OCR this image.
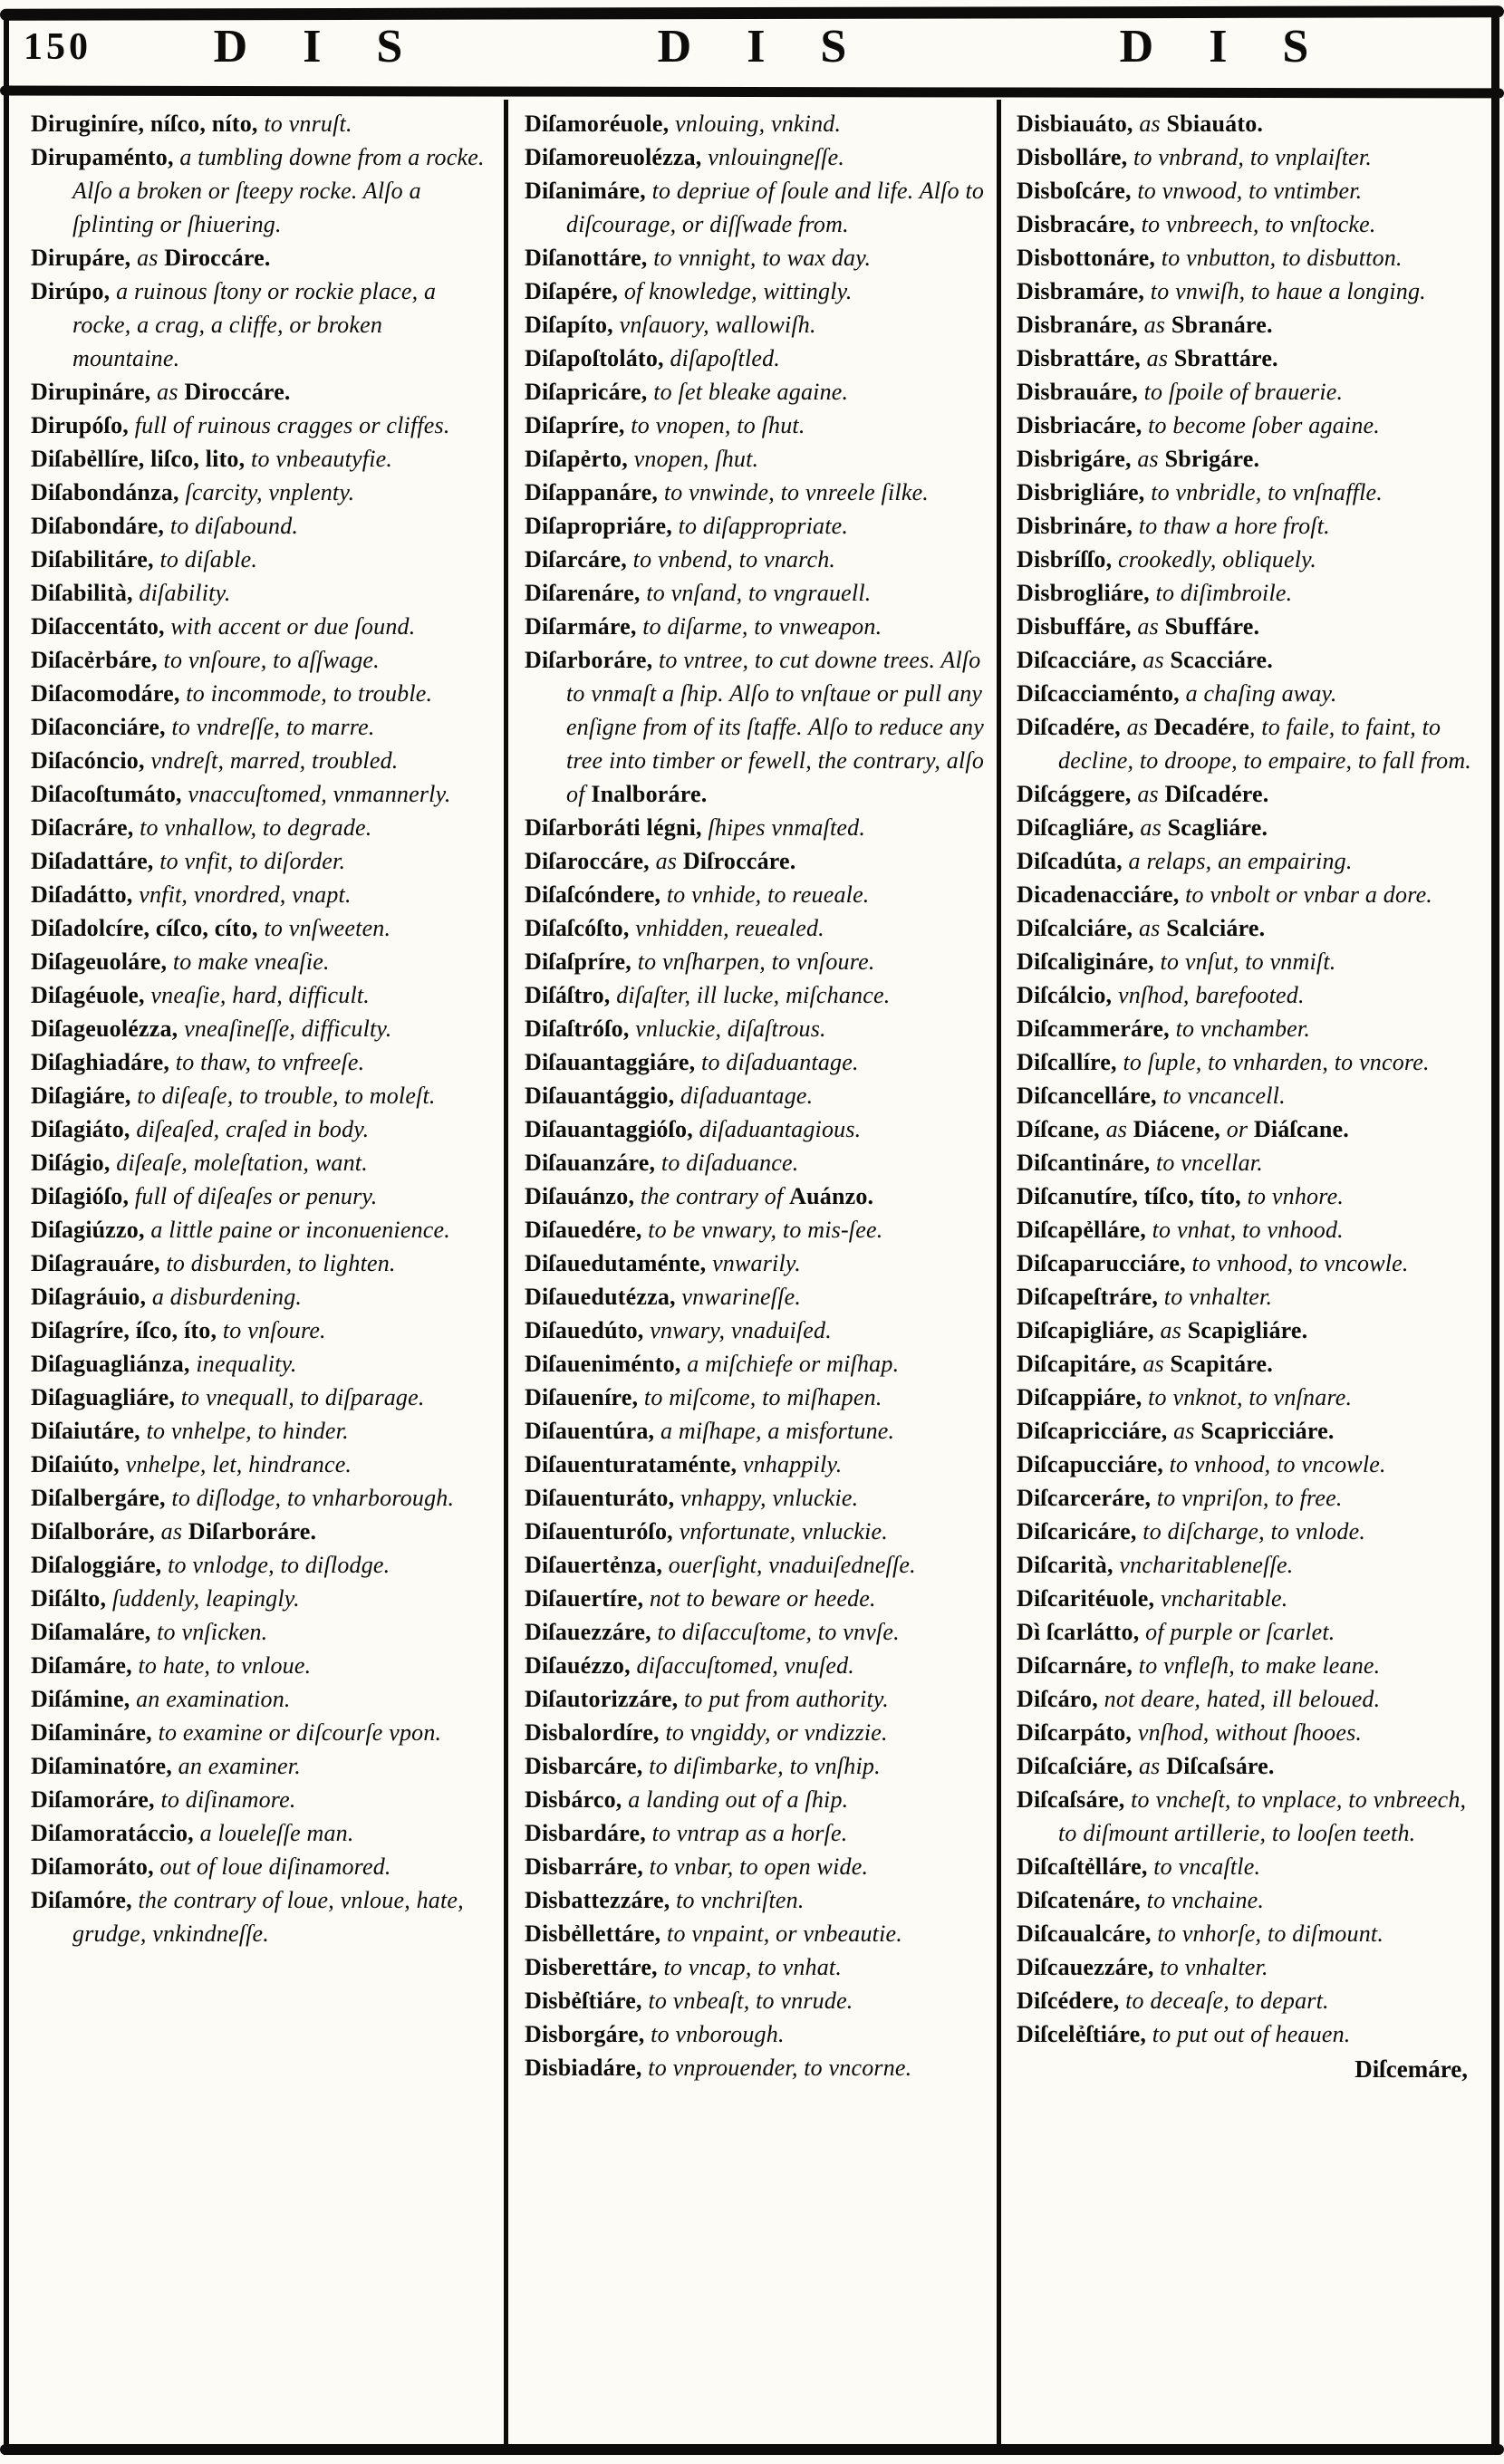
150	D I S	D I S	D I S
Diruginíre, níſco, níto, to vnruſt.
Dirupaménto, a tumbling downe from a rocke. Alſo a broken or ſteepy rocke. Alſo a ſplinting or ſhiuering.
Dirupáre, as Diroccáre.
Dirúpo, a ruinous ſtony or rockie place, a rocke, a crag, a cliffe, or broken mountaine.
Dirupináre, as Diroccáre.
Dirupóſo, full of ruinous cragges or cliffes.
Diſabẻllíre, liſco, lito, to vnbeautyfie.
Diſabondánza, ſcarcity, vnplenty.
Diſabondáre, to diſabound.
Diſabilitáre, to diſable.
Diſabilità, diſability.
Diſaccentáto, with accent or due ſound.
Diſacẻrbáre, to vnſoure, to aſſwage.
Diſacomodáre, to incommode, to trouble.
Diſaconciáre, to vndreſſe, to marre.
Diſacóncio, vndreſt, marred, troubled.
Diſacoſtumáto, vnaccuſtomed, vnmannerly.
Diſacráre, to vnhallow, to degrade.
Diſadattáre, to vnfit, to diſorder.
Diſadátto, vnfit, vnordred, vnapt.
Diſadolcíre, cíſco, cíto, to vnſweeten.
Diſageuoláre, to make vneaſie.
Diſagéuole, vneaſie, hard, difficult.
Diſageuolézza, vneaſineſſe, difficulty.
Diſaghiadáre, to thaw, to vnfreeſe.
Diſagiáre, to diſeaſe, to trouble, to moleſt.
Diſagiáto, diſeaſed, craſed in body.
Diſágio, diſeaſe, moleſtation, want.
Diſagióſo, full of diſeaſes or penury.
Diſagiúzzo, a little paine or inconuenience.
Diſagrauáre, to disburden, to lighten.
Diſagráuio, a disburdening.
Diſagríre, íſco, íto, to vnſoure.
Diſaguagliánza, inequality.
Diſaguagliáre, to vnequall, to diſparage.
Diſaiutáre, to vnhelpe, to hinder.
Diſaiúto, vnhelpe, let, hindrance.
Diſalbergáre, to diſlodge, to vnharborough.
Diſalboráre, as Diſarboráre.
Diſaloggiáre, to vnlodge, to diſlodge.
Diſálto, ſuddenly, leapingly.
Diſamaláre, to vnſicken.
Diſamáre, to hate, to vnloue.
Diſámine, an examination.
Diſamináre, to examine or diſcourſe vpon.
Diſaminatóre, an examiner.
Diſamoráre, to diſinamore.
Diſamoratáccio, a loueleſſe man.
Diſamoráto, out of loue diſinamored.
Diſamóre, the contrary of loue, vnloue, hate, grudge, vnkindneſſe.
Diſamoréuole, vnlouing, vnkind.
Diſamoreuolézza, vnlouingneſſe.
Diſanimáre, to depriue of ſoule and life. Alſo to diſcourage, or diſſwade from.
Diſanottáre, to vnnight, to wax day.
Diſapére, of knowledge, wittingly.
Diſapíto, vnſauory, wallowiſh.
Diſapoſtoláto, diſapoſtled.
Diſapricáre, to ſet bleake againe.
Diſapríre, to vnopen, to ſhut.
Diſapẻrto, vnopen, ſhut.
Diſappanáre, to vnwinde, to vnreele ſilke.
Diſapropriáre, to diſappropriate.
Diſarcáre, to vnbend, to vnarch.
Diſarenáre, to vnſand, to vngrauell.
Diſarmáre, to diſarme, to vnweapon.
Diſarboráre, to vntree, to cut downe trees. Alſo to vnmaſt a ſhip. Alſo to vnſtaue or pull any enſigne from of its ſtaffe. Alſo to reduce any tree into timber or fewell, the contrary, alſo of Inalboráre.
Diſarboráti légni, ſhipes vnmaſted.
Diſaroccáre, as Diſroccáre.
Diſaſcóndere, to vnhide, to reueale.
Diſaſcóſto, vnhidden, reuealed.
Diſaſpríre, to vnſharpen, to vnſoure.
Diſáſtro, diſaſter, ill lucke, miſchance.
Diſaſtróſo, vnluckie, diſaſtrous.
Diſauantaggiáre, to diſaduantage.
Diſauantággio, diſaduantage.
Diſauantaggióſo, diſaduantagious.
Diſauanzáre, to diſaduance.
Diſauánzo, the contrary of Auánzo.
Diſauedére, to be vnwary, to mis-ſee.
Diſauedutaménte, vnwarily.
Diſauedutézza, vnwarineſſe.
Diſauedúto, vnwary, vnaduiſed.
Diſaueniménto, a miſchiefe or miſhap.
Diſaueníre, to miſcome, to miſhapen.
Diſauentúra, a miſhape, a misfortune.
Diſauenturataménte, vnhappily.
Diſauenturáto, vnhappy, vnluckie.
Diſauenturóſo, vnfortunate, vnluckie.
Diſauertẻnza, ouerſight, vnaduiſedneſſe.
Diſauertíre, not to beware or heede.
Diſauezzáre, to diſaccuſtome, to vnvſe.
Diſauézzo, diſaccuſtomed, vnuſed.
Diſautorizzáre, to put from authority.
Disbalordíre, to vngiddy, or vndizzie.
Disbarcáre, to diſimbarke, to vnſhip.
Disbárco, a landing out of a ſhip.
Disbardáre, to vntrap as a horſe.
Disbarráre, to vnbar, to open wide.
Disbattezzáre, to vnchriſten.
Disbẻllettáre, to vnpaint, or vnbeautie.
Disberettáre, to vncap, to vnhat.
Disbẻſtiáre, to vnbeaſt, to vnrude.
Disborgáre, to vnborough.
Disbiadáre, to vnprouender, to vncorne.
Disbiauáto, as Sbiauáto.
Disbolláre, to vnbrand, to vnplaiſter.
Disboſcáre, to vnwood, to vntimber.
Disbracáre, to vnbreech, to vnſtocke.
Disbottonáre, to vnbutton, to disbutton.
Disbramáre, to vnwiſh, to haue a longing.
Disbranáre, as Sbranáre.
Disbrattáre, as Sbrattáre.
Disbrauáre, to ſpoile of brauerie.
Disbriacáre, to become ſober againe.
Disbrigáre, as Sbrigáre.
Disbrigliáre, to vnbridle, to vnſnaffle.
Disbrináre, to thaw a hore froſt.
Disbríſſo, crookedly, obliquely.
Disbrogliáre, to diſimbroile.
Disbuffáre, as Sbuffáre.
Diſcacciáre, as Scacciáre.
Diſcacciaménto, a chaſing away.
Diſcadére, as Decadére, to faile, to faint, to decline, to droope, to empaire, to fall from.
Diſcággere, as Diſcadére.
Diſcagliáre, as Scagliáre.
Diſcadúta, a relaps, an empairing.
Dicadenacciáre, to vnbolt or vnbar a dore.
Diſcalciáre, as Scalciáre.
Diſcaligináre, to vnſut, to vnmiſt.
Diſcálcio, vnſhod, barefooted.
Diſcammeráre, to vnchamber.
Diſcallíre, to ſuple, to vnharden, to vncore.
Diſcancelláre, to vncancell.
Díſcane, as Diácene, or Diáſcane.
Diſcantináre, to vncellar.
Diſcanutíre, tíſco, títo, to vnhore.
Diſcapẻlláre, to vnhat, to vnhood.
Diſcaparucciáre, to vnhood, to vncowle.
Diſcapeſtráre, to vnhalter.
Diſcapigliáre, as Scapigliáre.
Diſcapitáre, as Scapitáre.
Diſcappiáre, to vnknot, to vnſnare.
Diſcapricciáre, as Scapricciáre.
Diſcapucciáre, to vnhood, to vncowle.
Diſcarceráre, to vnpriſon, to free.
Diſcaricáre, to diſcharge, to vnlode.
Diſcarità, vncharitableneſſe.
Diſcaritéuole, vncharitable.
Dì ſcarlátto, of purple or ſcarlet.
Diſcarnáre, to vnfleſh, to make leane.
Diſcáro, not deare, hated, ill beloued.
Diſcarpáto, vnſhod, without ſhooes.
Diſcaſciáre, as Diſcaſsáre.
Diſcaſsáre, to vncheſt, to vnplace, to vnbreech, to diſmount artillerie, to looſen teeth.
Diſcaſtẻlláre, to vncaſtle.
Diſcatenáre, to vnchaine.
Diſcaualcáre, to vnhorſe, to diſmount.
Diſcauezzáre, to vnhalter.
Diſcédere, to deceaſe, to depart.
Diſcelẻſtiáre, to put out of heauen.
Diſcemáre,
